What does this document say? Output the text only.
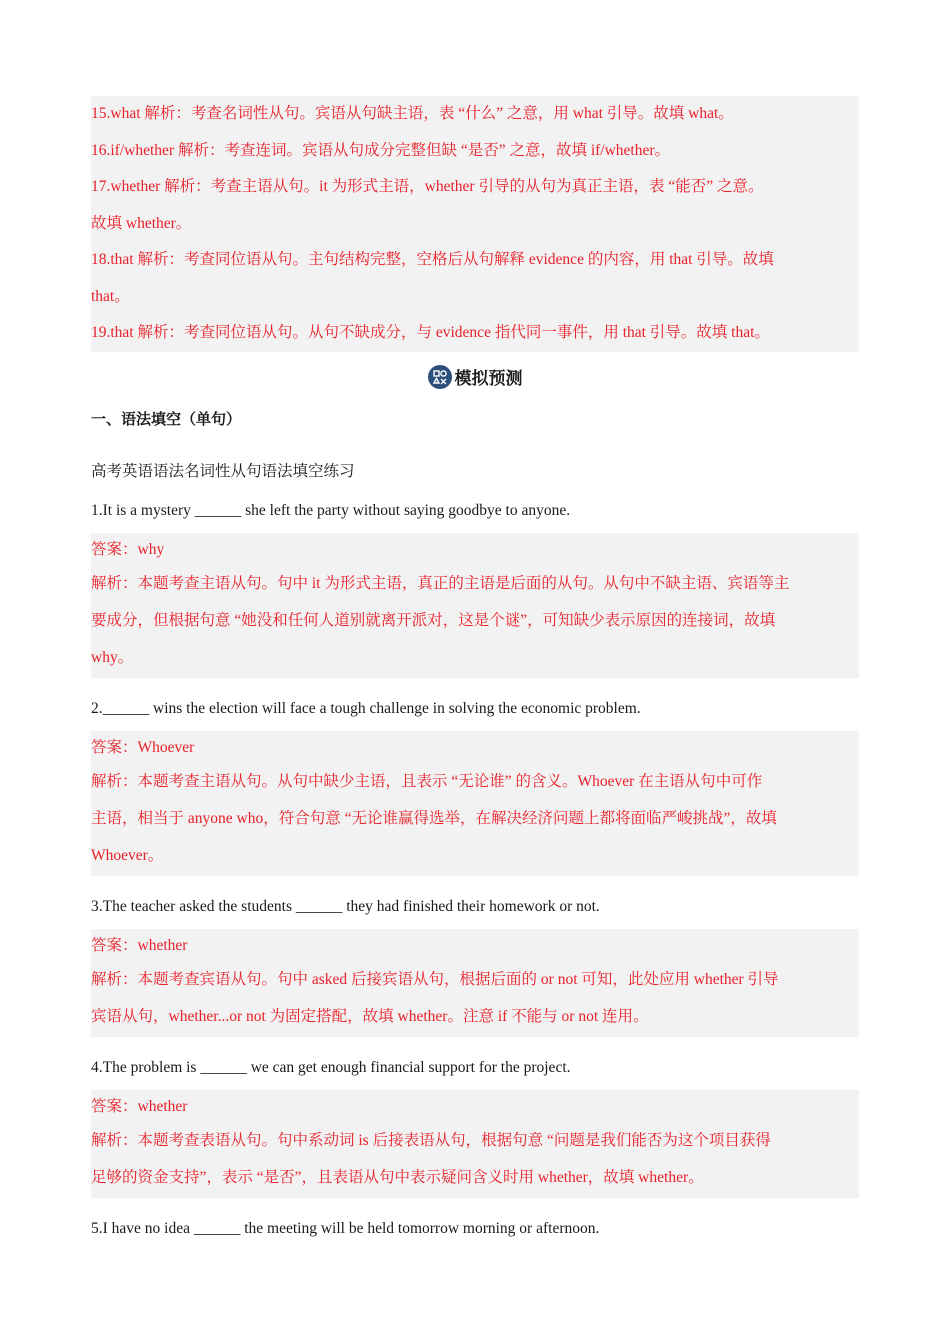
15.what 解析：考查名词性从句。宾语从句缺主语，表 “什么” 之意，用 what 引导。故填 what。
16.if/whether 解析：考查连词。宾语从句成分完整但缺 “是否” 之意，故填 if/whether。
17.whether 解析：考查主语从句。it 为形式主语，whether 引导的从句为真正主语，表 “能否” 之意。
故填 whether。
18.that 解析：考查同位语从句。主句结构完整，空格后从句解释 evidence 的内容，用 that 引导。故填
that。
19.that 解析：考查同位语从句。从句不缺成分，与 evidence 指代同一事件，用 that 引导。故填 that。
模拟预测
一、语法填空（单句）
高考英语语法名词性从句语法填空练习
1.It is a mystery ______ she left the party without saying goodbye to anyone.
答案：why
解析：本题考查主语从句。句中 it 为形式主语，真正的主语是后面的从句。从句中不缺主语、宾语等主
要成分，但根据句意 “她没和任何人道别就离开派对，这是个谜”，可知缺少表示原因的连接词，故填
why。
2.______ wins the election will face a tough challenge in solving the economic problem.
答案：Whoever
解析：本题考查主语从句。从句中缺少主语，且表示 “无论谁” 的含义。Whoever 在主语从句中可作
主语，相当于 anyone who，符合句意 “无论谁赢得选举，在解决经济问题上都将面临严峻挑战”，故填
Whoever。
3.The teacher asked the students ______ they had finished their homework or not.
答案：whether
解析：本题考查宾语从句。句中 asked 后接宾语从句，根据后面的 or not 可知，此处应用 whether 引导
宾语从句，whether...or not 为固定搭配，故填 whether。注意 if 不能与 or not 连用。
4.The problem is ______ we can get enough financial support for the project.
答案：whether
解析：本题考查表语从句。句中系动词 is 后接表语从句，根据句意 “问题是我们能否为这个项目获得
足够的资金支持”，表示 “是否”，且表语从句中表示疑问含义时用 whether，故填 whether。
5.I have no idea ______ the meeting will be held tomorrow morning or afternoon.
